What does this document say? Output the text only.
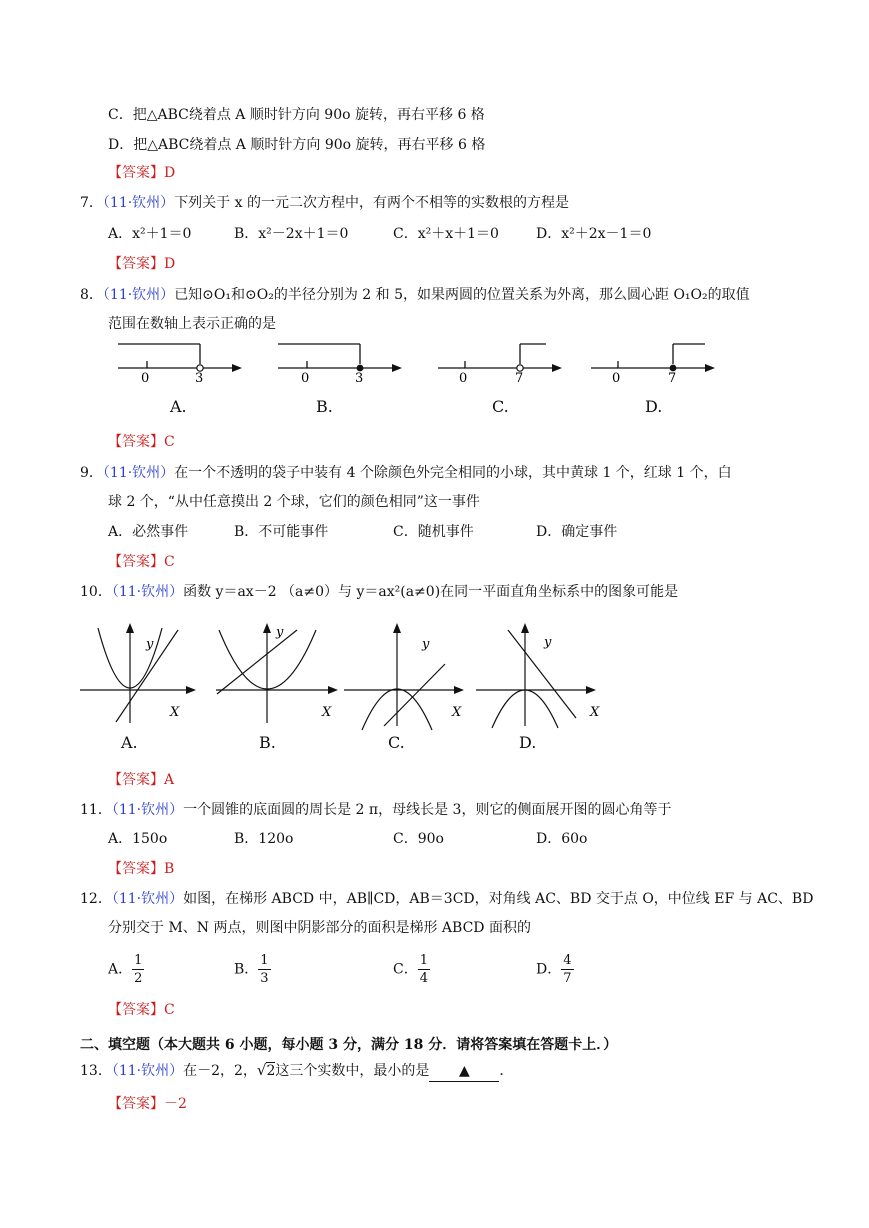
C．把△ABC绕着点 A 顺时针方向 90o 旋转，再右平移 6 格
D．把△ABC绕着点 A 顺时针方向 90o 旋转，再右平移 6 格
【答案】D
7．（11·钦州）下列关于 x 的一元二次方程中，有两个不相等的实数根的方程是
A．x²＋1＝0	B．x²－2x＋1＝0	C．x²＋x＋1＝0	D．x²＋2x－1＝0
【答案】D
8．（11·钦州）已知⊙O₁和⊙O₂的半径分别为 2 和 5，如果两圆的位置关系为外离，那么圆心距 O₁O₂的取值
范围在数轴上表示正确的是
0	3
A.
0	3
B.
0	7
C.
0	7
D.
【答案】C
9．（11·钦州）在一个不透明的袋子中装有 4 个除颜色外完全相同的小球，其中黄球 1 个，红球 1 个，白
球 2 个，“从中任意摸出 2 个球，它们的颜色相同”这一事件
A．必然事件	B．不可能事件	C．随机事件	D．确定事件
【答案】C
10．（11·钦州）函数 y＝ax－2 （a≠0）与 y＝ax²(a≠0)在同一平面直角坐标系中的图象可能是
y
X
A.
y
X
B.
y
X
C.
y
X
D.
【答案】A
11．（11·钦州）一个圆锥的底面圆的周长是 2 π，母线长是 3，则它的侧面展开图的圆心角等于
A．150o	B．120o	C．90o	D．60o
【答案】B
12．（11·钦州）如图，在梯形 ABCD 中，AB∥CD，AB＝3CD，对角线 AC、BD 交于点 O，中位线 EF 与 AC、BD
分别交于 M、N 两点，则图中阴影部分的面积是梯形 ABCD 面积的
A． $\frac{1}{2}$	B． $\frac{1}{3}$	C． $\frac{1}{4}$	D． $\frac{4}{7}$
【答案】C
二、填空题（本大题共 6 小题，每小题 3 分，满分 18 分．请将答案填在答题卡上．）
13．（11·钦州）在－2，2，√2这三个实数中，最小的是 ▲ ．
【答案】－2
